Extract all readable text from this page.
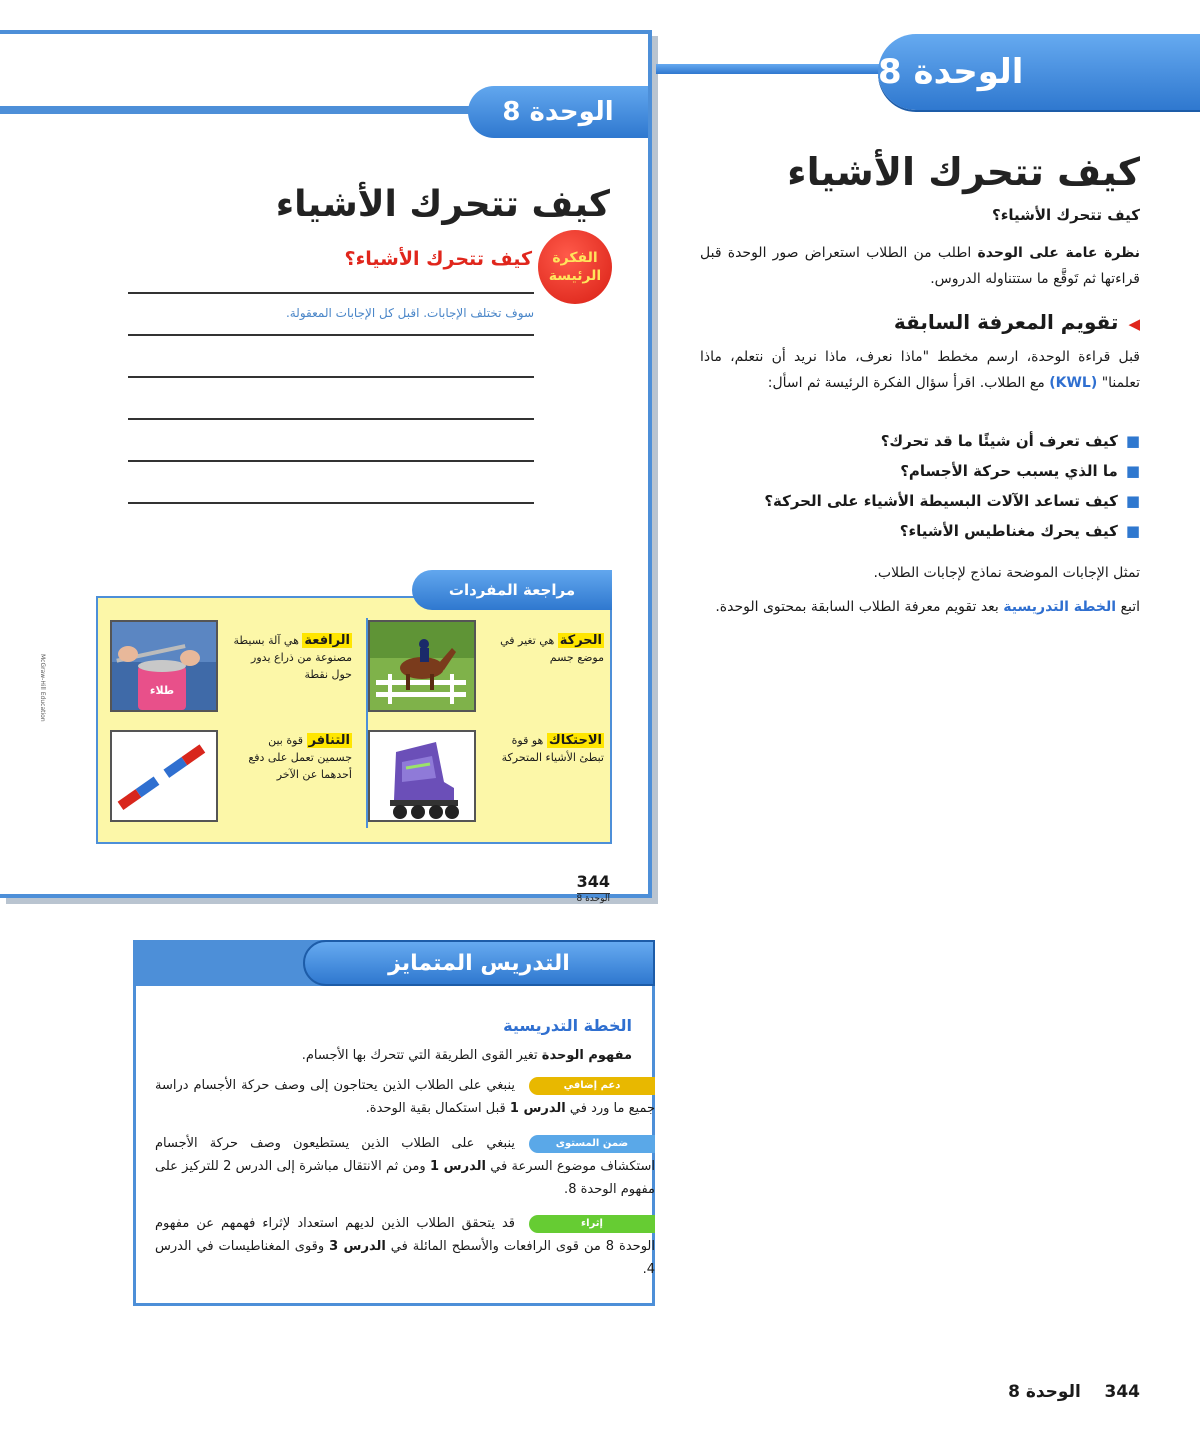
الوحدة 8
كيف تتحرك الأشياء
الفكرة الرئيسة
كيف تتحرك الأشياء؟
سوف تختلف الإجابات. اقبل كل الإجابات المعقولة.
الحركة هي تغير في موضع جسم
طلاء
الرافعة هي آلة بسيطة مصنوعة من ذراع يدور حول نقطة
الاحتكاك هو قوة تبطئ الأشياء المتحركة
التنافر قوة بين جسمين تعمل على دفع أحدهما عن الآخر
مراجعة المفردات
344
الوحدة 8
McGraw-Hill Education
الوحدة 8
كيف تتحرك الأشياء
كيف تتحرك الأشياء؟
نظرة عامة على الوحدة اطلب من الطلاب استعراض صور الوحدة قبل قراءتها ثم تَوقَّع ما ستتناوله الدروس.
◀تقويم المعرفة السابقة
قبل قراءة الوحدة، ارسم مخطط "ماذا نعرف، ماذا نريد أن نتعلم، ماذا تعلمنا" (KWL) مع الطلاب. اقرأ سؤال الفكرة الرئيسة ثم اسأل:
■كيف تعرف أن شيئًا ما قد تحرك؟
■ما الذي يسبب حركة الأجسام؟
■كيف تساعد الآلات البسيطة الأشياء على الحركة؟
■كيف يحرك مغناطيس الأشياء؟
تمثل الإجابات الموضحة نماذج لإجابات الطلاب.
اتبع الخطة التدريسية بعد تقويم معرفة الطلاب السابقة بمحتوى الوحدة.
التدريس المتمايز
الخطة التدريسية
مفهوم الوحدة تغير القوى الطريقة التي تتحرك بها الأجسام.
دعم إضافيينبغي على الطلاب الذين يحتاجون إلى وصف حركة الأجسام دراسة جميع ما ورد في الدرس 1 قبل استكمال بقية الوحدة.
ضمن المستوىينبغي على الطلاب الذين يستطيعون وصف حركة الأجسام استكشاف موضوع السرعة في الدرس 1 ومن ثم الانتقال مباشرة إلى الدرس 2 للتركيز على مفهوم الوحدة 8.
إثراءقد يتحقق الطلاب الذين لديهم استعداد لإثراء فهمهم عن مفهوم الوحدة 8 من قوى الرافعات والأسطح المائلة في الدرس 3 وقوى المغناطيسات في الدرس 4.
344    الوحدة 8
